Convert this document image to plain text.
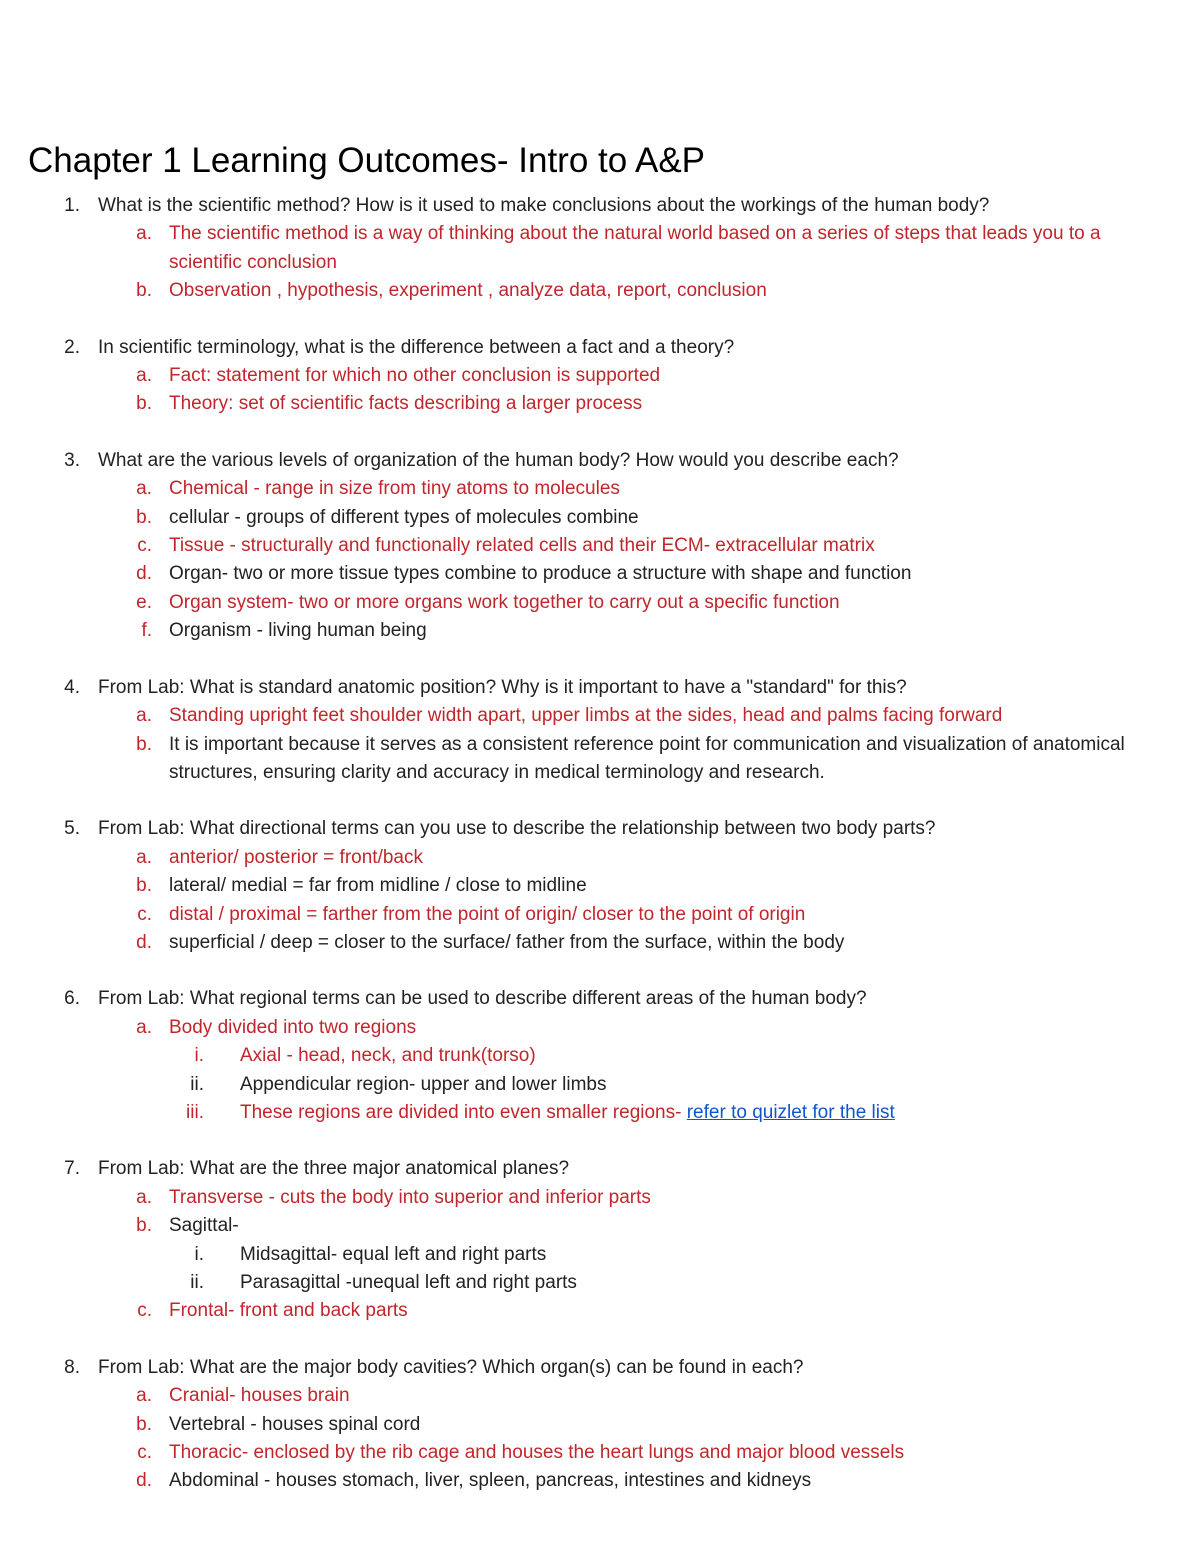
Chapter 1 Learning Outcomes- Intro to A&P
1. What is the scientific method? How is it used to make conclusions about the workings of the human body?
a. The scientific method is a way of thinking about the natural world based on a series of steps that leads you to a scientific conclusion
b. Observation , hypothesis, experiment , analyze data, report, conclusion
2. In scientific terminology, what is the difference between a fact and a theory?
a. Fact: statement for which no other conclusion is supported
b. Theory: set of scientific facts describing a larger process
3. What are the various levels of organization of the human body? How would you describe each?
a. Chemical - range in size from tiny atoms to molecules
b. cellular - groups of different types of molecules combine
c. Tissue - structurally and functionally related cells and their ECM- extracellular matrix
d. Organ- two or more tissue types combine to produce a structure with shape and function
e. Organ system- two or more organs work together to carry out a specific function
f. Organism - living human being
4. From Lab: What is standard anatomic position? Why is it important to have a "standard" for this?
a. Standing upright feet shoulder width apart, upper limbs at the sides, head and palms facing forward
b. It is important because it serves as a consistent reference point for communication and visualization of anatomical structures, ensuring clarity and accuracy in medical terminology and research.
5. From Lab: What directional terms can you use to describe the relationship between two body parts?
a. anterior/ posterior = front/back
b. lateral/ medial = far from midline / close to midline
c. distal / proximal = farther from the point of origin/ closer to the point of origin
d. superficial / deep = closer to the surface/ father from the surface, within the body
6. From Lab: What regional terms can be used to describe different areas of the human body?
a. Body divided into two regions
i. Axial - head, neck, and trunk(torso)
ii. Appendicular region- upper and lower limbs
iii. These regions are divided into even smaller regions- refer to quizlet for the list
7. From Lab: What are the three major anatomical planes?
a. Transverse - cuts the body into superior and inferior parts
b. Sagittal-
i. Midsagittal- equal left and right parts
ii. Parasagittal -unequal left and right parts
c. Frontal- front and back parts
8. From Lab: What are the major body cavities? Which organ(s) can be found in each?
a. Cranial- houses brain
b. Vertebral - houses spinal cord
c. Thoracic- enclosed by the rib cage and houses the heart lungs and major blood vessels
d. Abdominal - houses stomach, liver, spleen, pancreas, intestines and kidneys
